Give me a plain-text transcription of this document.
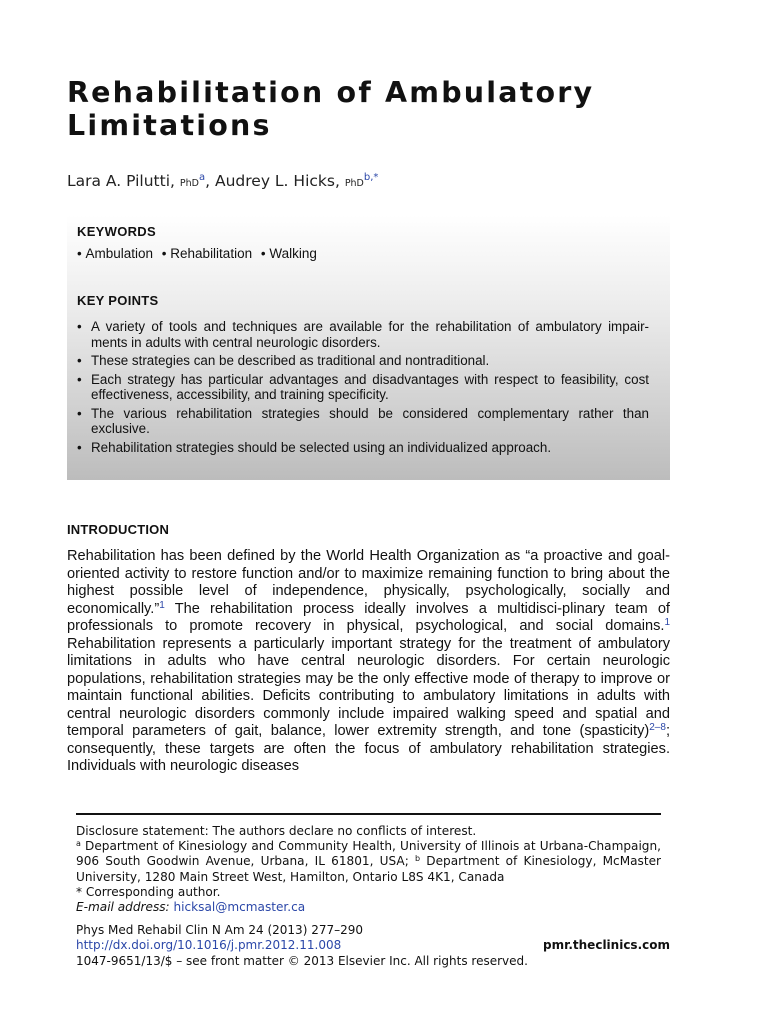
Rehabilitation of Ambulatory Limitations
Lara A. Pilutti, PhD$^a$, Audrey L. Hicks, PhD$^{b,*}$
KEYWORDS
• Ambulation • Rehabilitation • Walking
KEY POINTS
• A variety of tools and techniques are available for the rehabilitation of ambulatory impair-ments in adults with central neurologic disorders.
• These strategies can be described as traditional and nontraditional.
• Each strategy has particular advantages and disadvantages with respect to feasibility, cost effectiveness, accessibility, and training specificity.
• The various rehabilitation strategies should be considered complementary rather than exclusive.
• Rehabilitation strategies should be selected using an individualized approach.
INTRODUCTION

Rehabilitation has been defined by the World Health Organization as “a proactive and goal-oriented activity to restore function and/or to maximize remaining function to bring about the highest possible level of independence, physically, psychologically, socially and economically.”$^1$ The rehabilitation process ideally involves a multidisci-plinary team of professionals to promote recovery in physical, psychological, and social domains.$^1$ Rehabilitation represents a particularly important strategy for the treatment of ambulatory limitations in adults who have central neurologic disorders. For certain neurologic populations, rehabilitation strategies may be the only effective mode of therapy to improve or maintain functional abilities. Deficits contributing to ambulatory limitations in adults with central neurologic disorders commonly include impaired walking speed and spatial and temporal parameters of gait, balance, lower extremity strength, and tone (spasticity)$^{2-8}$; consequently, these targets are often the focus of ambulatory rehabilitation strategies. Individuals with neurologic diseases

Disclosure statement: The authors declare no conflicts of interest.

$^a$ Department of Kinesiology and Community Health, University of Illinois at Urbana-Champaign, 906 South Goodwin Avenue, Urbana, IL 61801, USA; $^b$ Department of Kinesiology, McMaster University, 1280 Main Street West, Hamilton, Ontario L8S 4K1, Canada

* Corresponding author.

E-mail address: hicksal@mcmaster.ca

Phys Med Rehabil Clin N Am 24 (2013) 277–290

http://dx.doi.org/10.1016/j.pmr.2012.11.008

1047-9651/13/$ – see front matter © 2013 Elsevier Inc. All rights reserved.

pmr.theclinics.com
